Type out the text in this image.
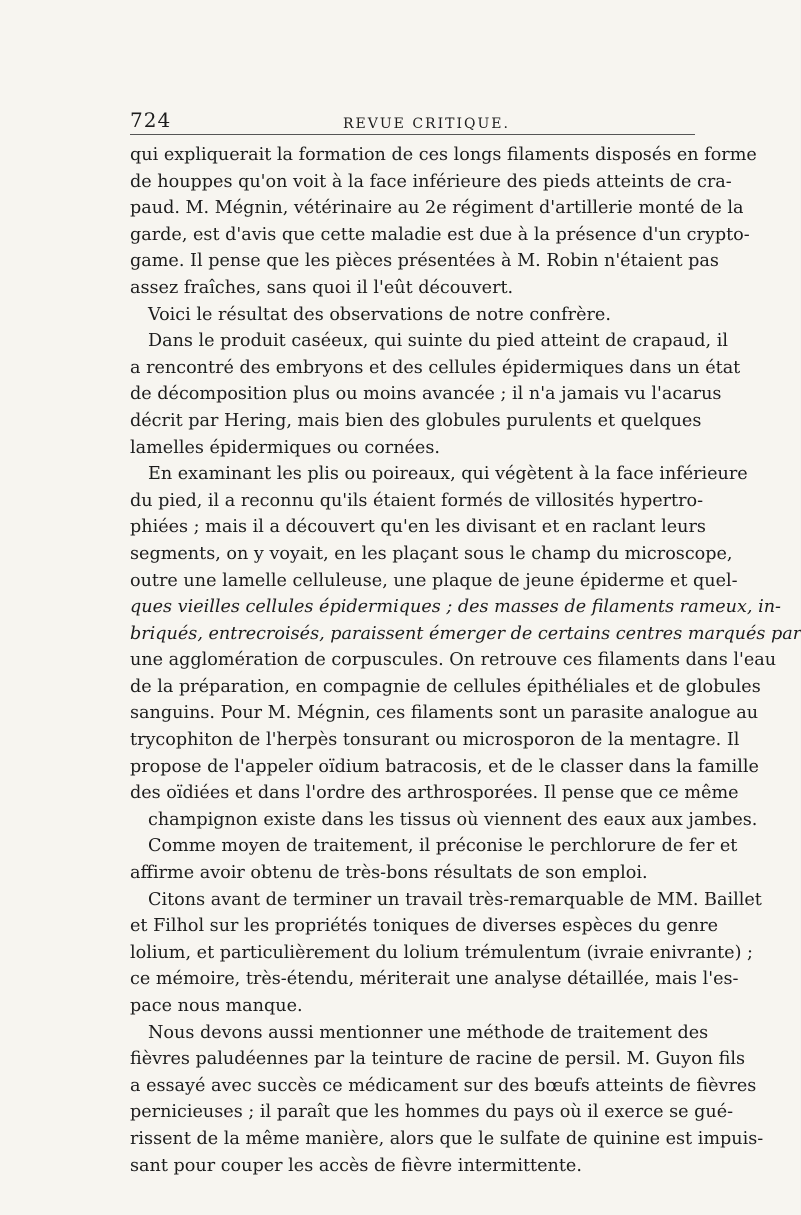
724	REVUE CRITIQUE.
qui expliquerait la formation de ces longs filaments disposés en forme
de houppes qu'on voit à la face inférieure des pieds atteints de cra-
paud. M. Mégnin, vétérinaire au 2e régiment d'artillerie monté de la
garde, est d'avis que cette maladie est due à la présence d'un crypto-
game. Il pense que les pièces présentées à M. Robin n'étaient pas
assez fraîches, sans quoi il l'eût découvert.
Voici le résultat des observations de notre confrère.
Dans le produit caséeux, qui suinte du pied atteint de crapaud, il
a rencontré des embryons et des cellules épidermiques dans un état
de décomposition plus ou moins avancée ; il n'a jamais vu l'acarus
décrit par Hering, mais bien des globules purulents et quelques
lamelles épidermiques ou cornées.
En examinant les plis ou poireaux, qui végètent à la face inférieure
du pied, il a reconnu qu'ils étaient formés de villosités hypertro-
phiées ; mais il a découvert qu'en les divisant et en raclant leurs
segments, on y voyait, en les plaçant sous le champ du microscope,
outre une lamelle celluleuse, une plaque de jeune épiderme et quel-
ques vieilles cellules épidermiques ; des masses de filaments rameux, in-
briqués, entrecroisés, paraissent émerger de certains centres marqués par
une agglomération de corpuscules. On retrouve ces filaments dans l'eau
de la préparation, en compagnie de cellules épithéliales et de globules
sanguins. Pour M. Mégnin, ces filaments sont un parasite analogue au
trycophiton de l'herpès tonsurant ou microsporon de la mentagre. Il
propose de l'appeler oïdium batracosis, et de le classer dans la famille
des oïdiées et dans l'ordre des arthrosporées. Il pense que ce même
champignon existe dans les tissus où viennent des eaux aux jambes.
Comme moyen de traitement, il préconise le perchlorure de fer et
affirme avoir obtenu de très-bons résultats de son emploi.
Citons avant de terminer un travail très-remarquable de MM. Baillet
et Filhol sur les propriétés toniques de diverses espèces du genre
lolium, et particulièrement du lolium trémulentum (ivraie enivrante) ;
ce mémoire, très-étendu, mériterait une analyse détaillée, mais l'es-
pace nous manque.
Nous devons aussi mentionner une méthode de traitement des
fièvres paludéennes par la teinture de racine de persil. M. Guyon fils
a essayé avec succès ce médicament sur des bœufs atteints de fièvres
pernicieuses ; il paraît que les hommes du pays où il exerce se gué-
rissent de la même manière, alors que le sulfate de quinine est impuis-
sant pour couper les accès de fièvre intermittente.
